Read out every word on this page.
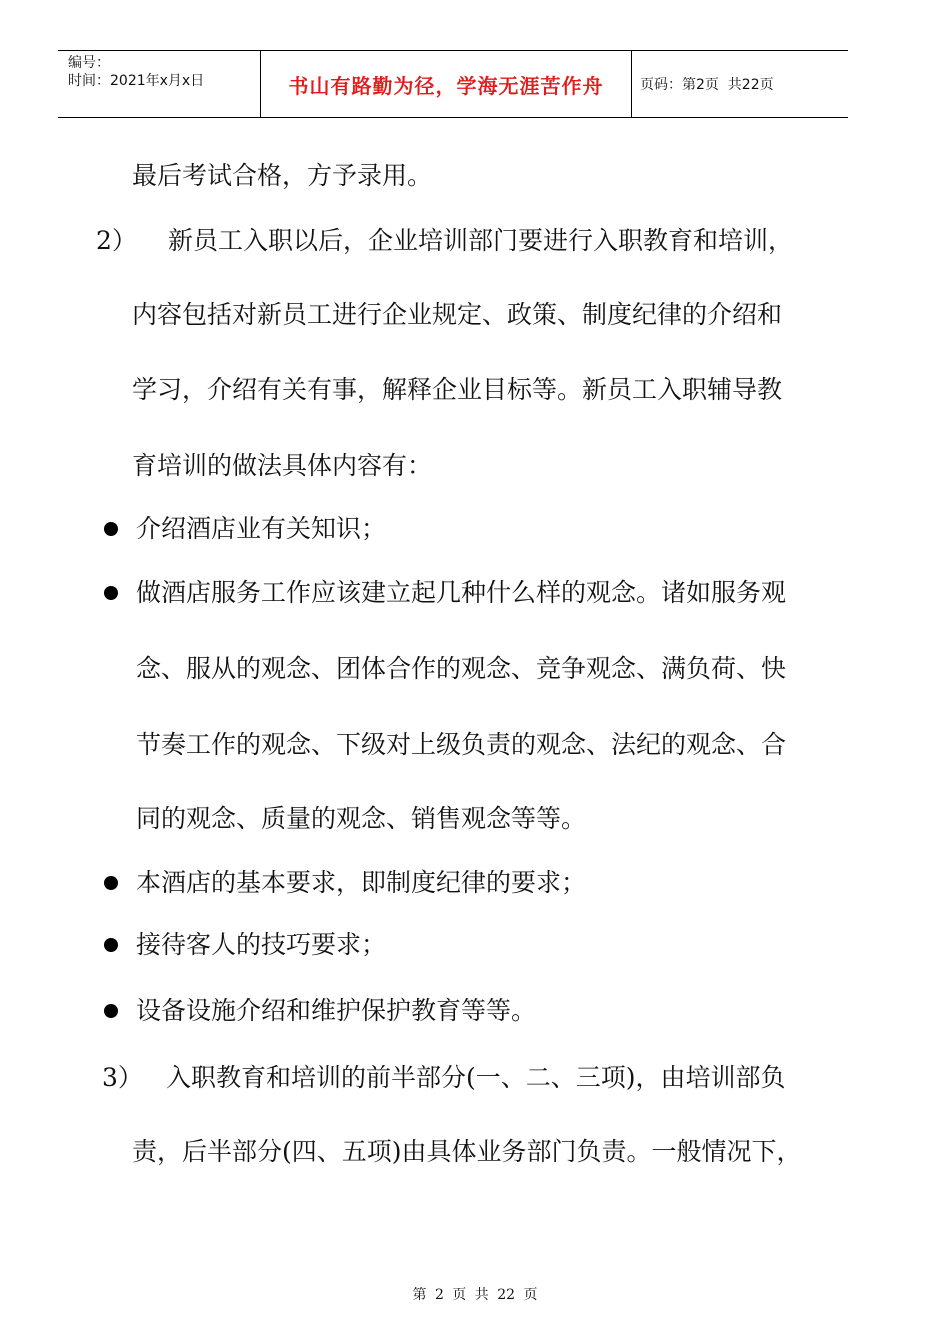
编号：
时间：2021年x月x日	书山有路勤为径，学海无涯苦作舟	页码：第2页  共22页
最后考试合格，方予录用。
2） 新员工入职以后，企业培训部门要进行入职教育和培训，
内容包括对新员工进行企业规定、政策、制度纪律的介绍和
学习，介绍有关有事，解释企业目标等。新员工入职辅导教
育培训的做法具体内容有：
介绍酒店业有关知识；
做酒店服务工作应该建立起几种什么样的观念。诸如服务观
念、服从的观念、团体合作的观念、竞争观念、满负荷、快
节奏工作的观念、下级对上级负责的观念、法纪的观念、合
同的观念、质量的观念、销售观念等等。
本酒店的基本要求，即制度纪律的要求；
接待客人的技巧要求；
设备设施介绍和维护保护教育等等。
3） 入职教育和培训的前半部分(一、二、三项)，由培训部负
责，后半部分(四、五项)由具体业务部门负责。一般情况下，
第 2 页 共 22 页
